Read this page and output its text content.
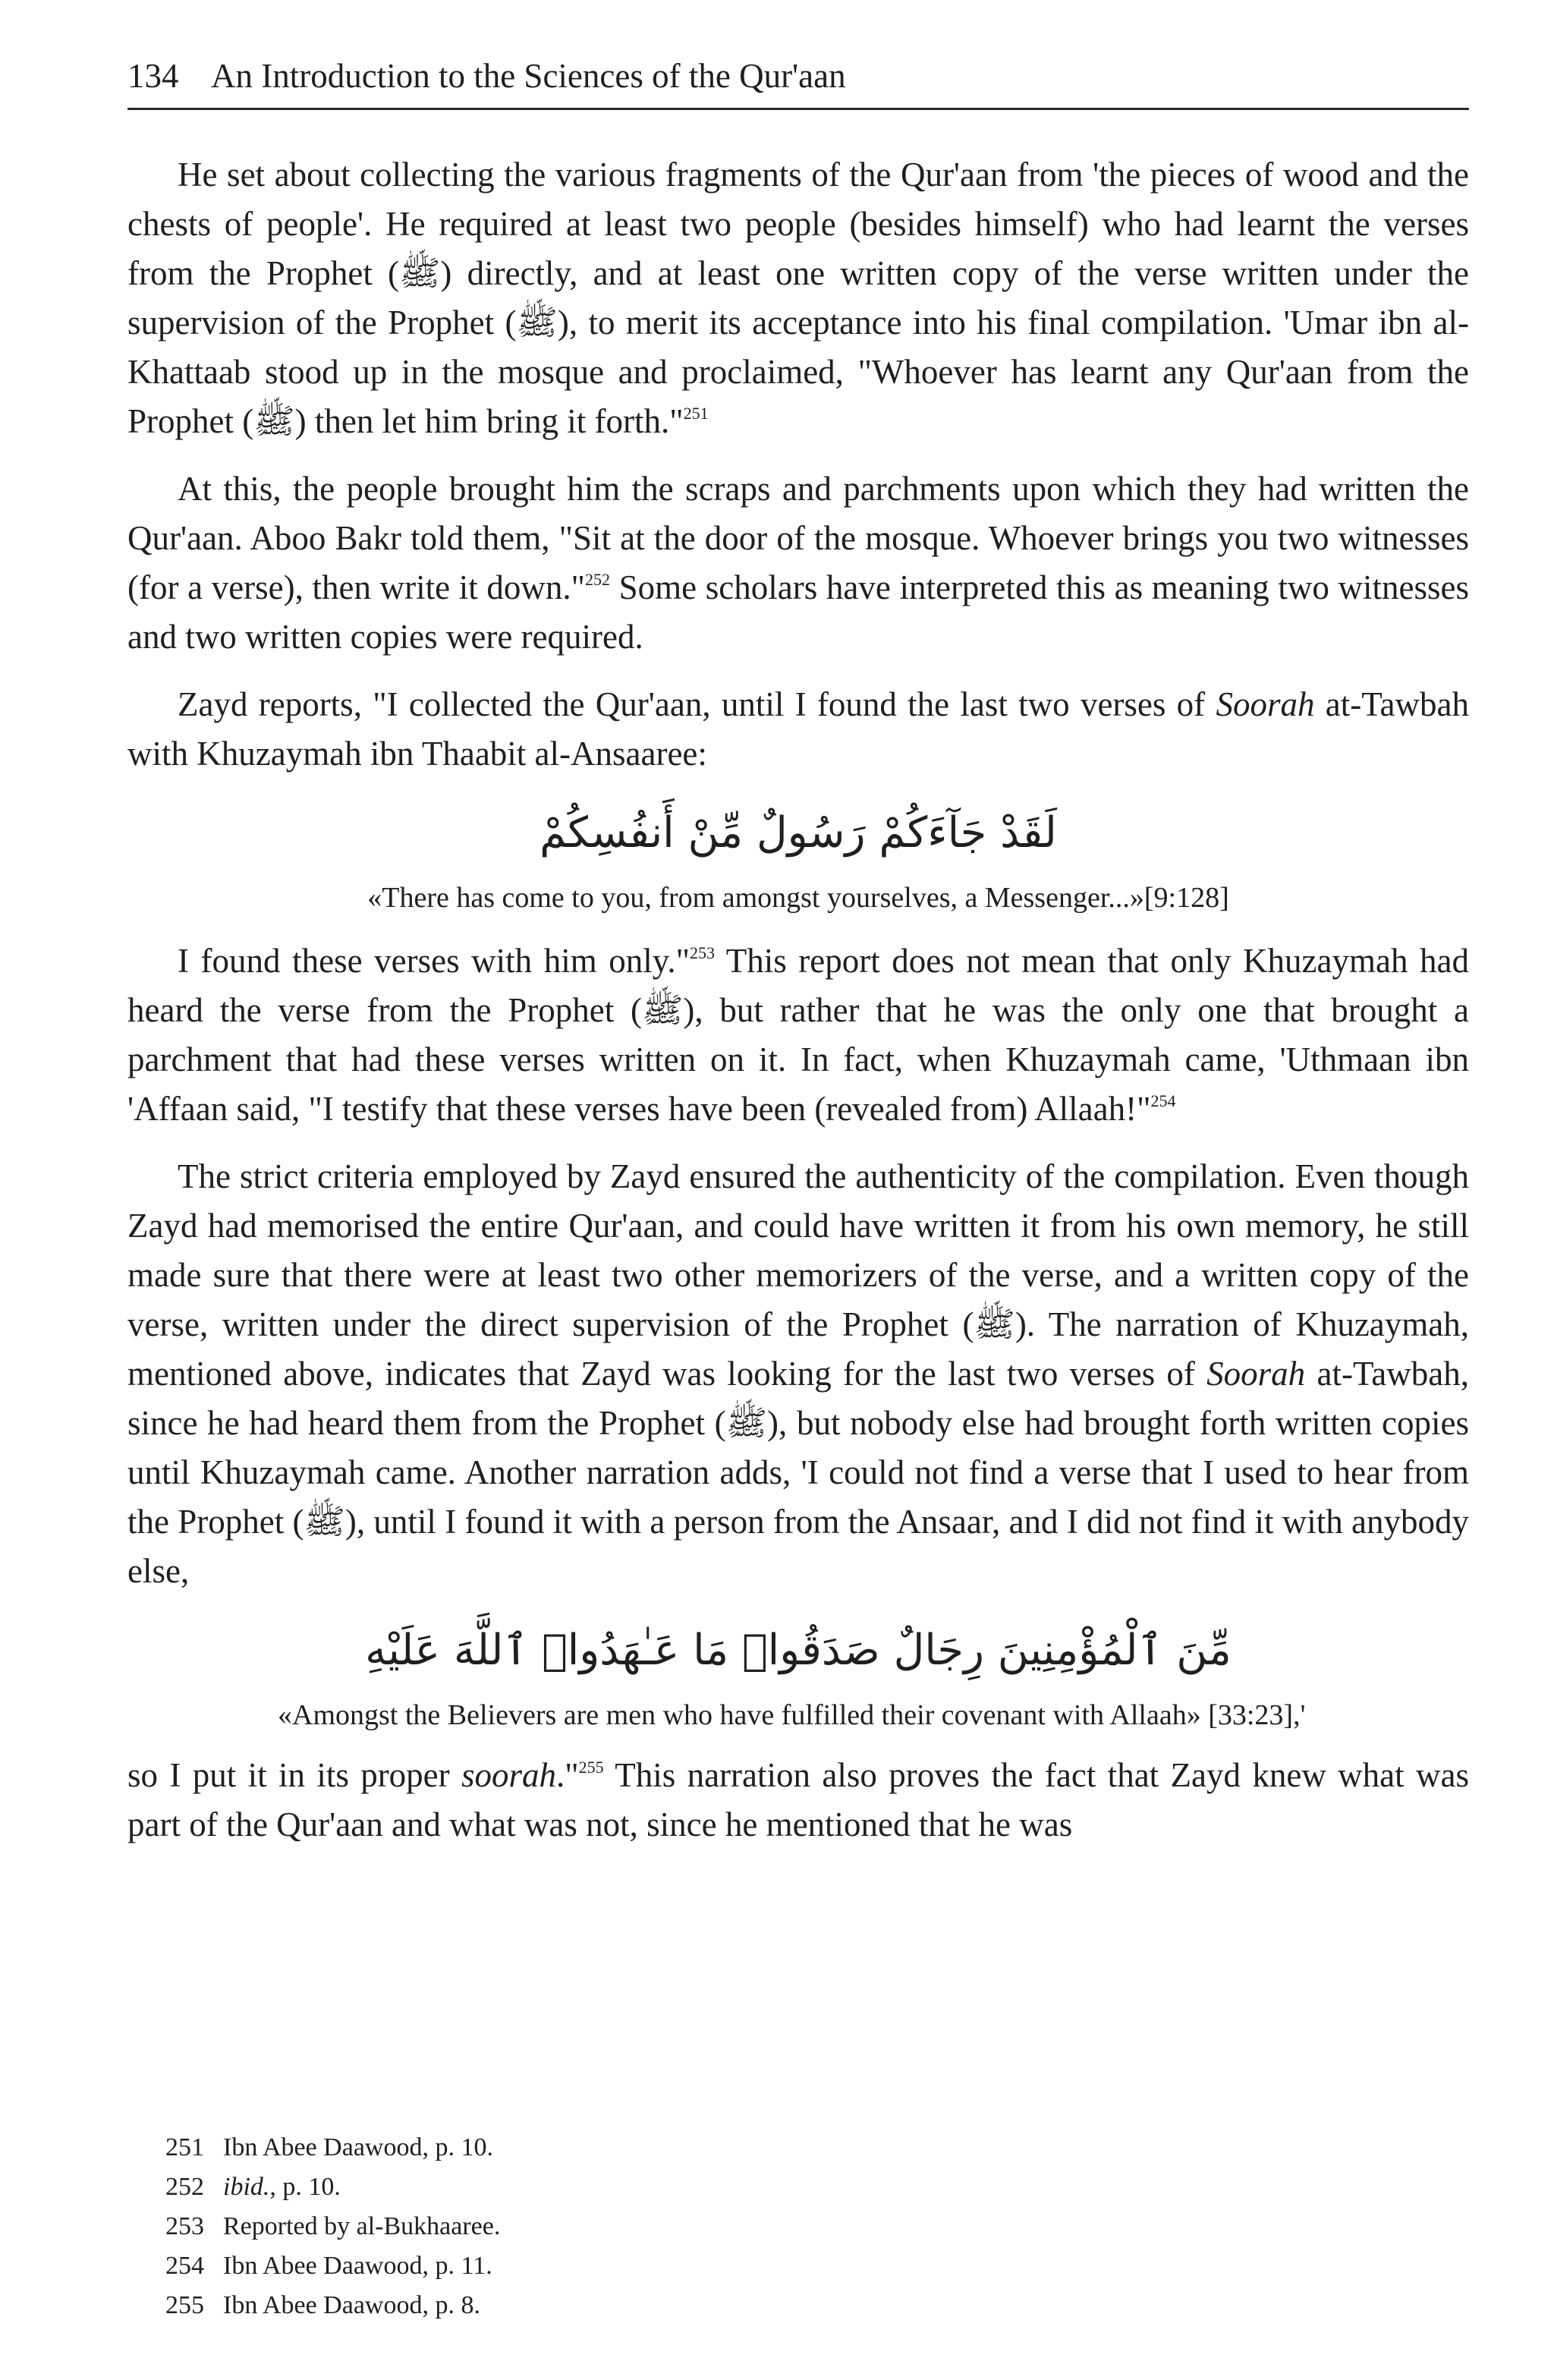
134 An Introduction to the Sciences of the Qur'aan

He set about collecting the various fragments of the Qur'aan from 'the pieces of wood and the chests of people'. He required at least two people (besides himself) who had learnt the verses from the Prophet (ﷺ) directly, and at least one written copy of the verse written under the supervision of the Prophet (ﷺ), to merit its acceptance into his final compilation. 'Umar ibn al-Khattaab stood up in the mosque and proclaimed, "Whoever has learnt any Qur'aan from the Prophet (ﷺ) then let him bring it forth."$^{251}$

At this, the people brought him the scraps and parchments upon which they had written the Qur'aan. Aboo Bakr told them, "Sit at the door of the mosque. Whoever brings you two witnesses (for a verse), then write it down."$^{252}$ Some scholars have interpreted this as meaning two witnesses and two written copies were required.

Zayd reports, "I collected the Qur'aan, until I found the last two verses of Soorah at-Tawbah with Khuzaymah ibn Thaabit al-Ansaaree:

لَقَدْ جَآءَكُمْ رَسُولٌ مِّنْ أَنفُسِكُمْ

«There has come to you, from amongst yourselves, a Messenger...»[9:128]

I found these verses with him only."$^{253}$ This report does not mean that only Khuzaymah had heard the verse from the Prophet (ﷺ), but rather that he was the only one that brought a parchment that had these verses written on it. In fact, when Khuzaymah came, 'Uthmaan ibn 'Affaan said, "I testify that these verses have been (revealed from) Allaah!"$^{254}$

The strict criteria employed by Zayd ensured the authenticity of the compilation. Even though Zayd had memorised the entire Qur'aan, and could have written it from his own memory, he still made sure that there were at least two other memorizers of the verse, and a written copy of the verse, written under the direct supervision of the Prophet (ﷺ). The narration of Khuzaymah, mentioned above, indicates that Zayd was looking for the last two verses of Soorah at-Tawbah, since he had heard them from the Prophet (ﷺ), but nobody else had brought forth written copies until Khuzaymah came. Another narration adds, 'I could not find a verse that I used to hear from the Prophet (ﷺ), until I found it with a person from the Ansaar, and I did not find it with anybody else,

مِّنَ ٱلْمُؤْمِنِينَ رِجَالٌ صَدَقُوا۟ مَا عَـٰهَدُوا۟ ٱللَّهَ عَلَيْهِ

«Amongst the Believers are men who have fulfilled their covenant with Allaah» [33:23],'

so I put it in its proper soorah."$^{255}$ This narration also proves the fact that Zayd knew what was part of the Qur'aan and what was not, since he mentioned that he was

251 Ibn Abee Daawood, p. 10.

252 ibid., p. 10.

253 Reported by al-Bukhaaree.

254 Ibn Abee Daawood, p. 11.

255 Ibn Abee Daawood, p. 8.
